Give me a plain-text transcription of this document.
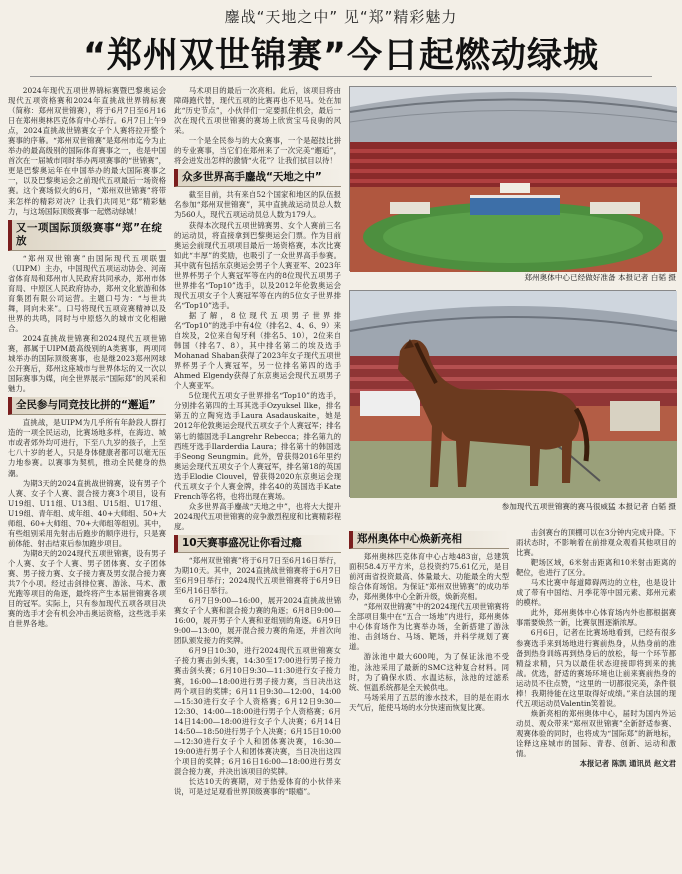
鏖战“天地之中” 见“郑”精彩魅力
“郑州双世锦赛”今日起燃动绿城

2024年现代五项世界锦标赛暨巴黎奥运会现代五项资格赛和2024年直挑战世界锦标赛（简称：郑州双世锦赛），将于6月7日至6月16日在郑州奥林匹克体育中心举行。6月7日上午9点，2024直挑战世锦赛女子个人赛将拉开整个赛事的序幕。“郑州双世锦赛”是郑州市迄今为止举办的最高级别的国际体育赛事之一，也是中国首次在一届城市同时举办两项赛事的“世锦赛”，更是巴黎奥运年在中国举办的最大国际赛事之一，以及巴黎奥运会之前现代五项最后一场资格赛。这个赛场似火的6月，“郑州双世锦赛”将带来怎样的精彩对决？让我们共同见“郑”精彩魅力，与这场国际顶级赛事一起燃动绿城！

又一项国际顶级赛事“郑”在绽放

“郑州双世锦赛”由国际现代五项联盟（UIPM）主办，中国现代五项运动协会、河南省体育局和郑州市人民政府共同承办，郑州市体育局、中原区人民政府协办，郑州文化旅游和体育集团有限公司运营。主题口号为：“与世共舞，同向未来”。口号将现代五项竞赛精神以及世界的共鸣，同时与中原悠久的城市文化相融合。

2024直挑战世锦赛和2024现代五项世锦赛，都属于UIPM最高级别的A类赛事，两项同城举办的国际顶级赛事，也是继2023郑州网球公开赛后，郑州这座城市与世界体坛的又一次以国际赛事为媒，向全世界展示“国际郑”的风采和魅力。

全民参与同竞技比拼的“邂逅”

直挑战，是UIPM为几乎所有年龄段人群打造的一项全民运动，比赛场地多样，在海边、城市或者郊外均可进行，下至八九岁的孩子，上至七八十岁的老人，只是身体健康者都可以毫无压力地参赛。以赛事为契机，推动全民健身的热潮。

为期3天的2024直挑战世锦赛，设有男子个人赛、女子个人赛、混合接力赛3个项目，设有U19组、U11组、U13组、U15组、U17组、U19组、青年组、成年组、40+大师组、50+大师组、60+大师组、70+大师组等组别。其中，有些组别采用先射击后跑步的顺序进行，只是赛前体能、射击结束后参加跑步项目。

为期8天的2024现代五项世锦赛，设有男子个人赛、女子个人赛、男子团体赛、女子团体赛、男子接力赛、女子接力赛及男女混合接力赛共7个小项。经过击剑排位赛、游泳、马术、激光跑等项目的角逐，最终将产生本届世锦赛各项目的冠军。实际上，只有参加现代五项各项目决赛的选手才会有机会冲击奥运资格，这些选手来自世界各地。

马术项目的最后一次亮相。此后，该项目将由障碍跑代替，现代五项的比赛再也不见马。处在加此“历史节点”，小伙伴们一定要抓住机会，最后一次在现代五项世锦赛的赛场上欣赏宝马良驹的风采。

一个是全民参与的大众赛事，一个是超技比拼的专业赛事，当它们在郑州来了一次完美“邂逅”，将会迸发出怎样的激情“火花”？让我们拭目以待！

众多世界高手鏖战“天地之中”

截至目前，共有来自52个国家和地区的队伍报名参加“郑州双世锦赛”，其中直挑战运动员总人数为560人，现代五项运动员总人数为179人。

获得本次现代五项世锦赛男、女个人赛前三名的运动员，将直接拿到巴黎奥运会门票。作为目前奥运会前现代五项项目最后一场资格赛，本次比赛如此“丰厚”的奖励，也吸引了一众世界高手参赛。其中就有包括东京奥运会男子个人赛亚军、2023年世界杯男子个人赛冠军等在内的8位现代五项男子世界排名“Top10”选手，以及2012年伦敦奥运会现代五项女子个人赛冠军等在内的5位女子世界排名“Top10”选手。

据了解，8位现代五项男子世界排名“Top10”的选手中有4位（排名2、4、6、9）来自埃及，2位来自匈牙利（排名5、10），2位来自韩国（排名7、8），其中排名第二的埃及选手Mohanad Shaban获得了2023年女子现代五项世界杯男子个人赛冠军，另一位排名第四的选手Ahmed Elgendy获得了东京奥运会现代五项男子个人赛亚军。

5位现代五项女子世界排名“Top10”的选手，分别排名第四的土耳其选手Ozyuksel Ilke，排名第五的立陶宛选手Laura Asadauskaite，她是2012年伦敦奥运会现代五项女子个人赛冠军；排名第七的德国选手Langrehr Rebecca；排名第九的西班牙选手Ilarderdia Laura；排名第十的韩国选手Seong Seungmin。此外，曾获得2016年里约奥运会现代五项女子个人赛冠军，排名第18的英国选手Elodie Clouvel，曾获得2020东京奥运会现代五项女子个人赛金牌，排名40的英国选手Kate French等名将，也将出现在赛场。

众多世界高手鏖战“天地之中”，也将大大提升2024现代五项世锦赛的竞争激烈程度和比赛精彩程度。

10天赛事盛况让你看过瘾

“郑州双世锦赛”将于6月7日至6月16日举行，为期10天。其中，2024直挑战世锦赛将于6月7日至6月9日举行；2024现代五项世锦赛将于6月9日至6月16日举行。

6月7日9:00—16:00，展开2024直挑战世锦赛女子个人赛和混合接力赛的角逐；6月8日9:00—16:00，展开男子个人赛和亚组别的角逐。6月9日9:00—13:00，展开混合接力赛的角逐，并首次向团队颁发接力的奖牌。

6月9日10:30，进行2024现代五项世锦赛女子接力赛击剑头赛，14:30至17:00进行男子接力赛击剑头赛；6月10日9:30—11:30进行女子接力赛，16:00—18:00进行男子接力赛，当日决出这两个项目的奖牌；6月11日9:30—12:00、14:00—15:30进行女子个人资格赛；6月12日9:30—12:30、14:00—18:00进行男子个人资格赛；6月14日14:00—18:00进行女子个人决赛；6月14日14:50—18:50进行男子个人决赛；6月15日10:00—12:30进行女子个人和团体赛决赛，16:30—19:00进行男子个人和团体赛决赛，当日决出这四个项目的奖牌；6月16日16:00—18:00进行男女混合接力赛，并决出该项目的奖牌。

长达10天的赛期，对于热爱体育的小伙伴来说，可是过足观看世界顶级赛事的“眼瘾”。

郑州奥体中心已经做好准备 本报记者 白韬 摄
参加现代五项世锦赛的赛马很威猛 本报记者 白韬 摄
郑州奥体中心焕新亮相

郑州奥林匹克体育中心占地483亩，总建筑面积58.4万平方米，总投资约75.61亿元，是目前河南省投资最高、体量最大、功能最全的大型综合体育场馆。为保证“郑州双世锦赛”的成功举办，郑州奥体中心全新升级，焕新亮相。

“郑州双世锦赛”中的2024现代五项世锦赛将全部项目集中在“五合一场地”内进行，郑州奥体中心体育场作为比赛举办场，全新搭建了游泳池、击剑场台、马场、靶场，并科学规划了赛道。

游泳池中最大600吨，为了保证泳池不受池，泳池采用了最新的SMC这种复合材料。同时，为了确保水质、水温达标，泳池的过滤系统、恒温系统都是全天候供电。

马场采用了五层的渗水技术，目的是在雨水天气后，能使马场的水分快速而恢复比赛。

击剑赛台的顶棚可以在3分钟内完成升降。下雨状态时，不影响着在前排观众观看其他项目的比赛。

靶场区域，6米射击距离和10米射击距离的靶位，也进行了区分。

马术比赛中每道障碍两边的立柱，也是设计成了带有中国结、月季花等中国元素、郑州元素的模样。

此外，郑州奥体中心体育场内外也都根据赛事需要焕然一新，比赛氛围逐渐浓厚。

6月6日，记者在比赛场地看到，已经有很多参赛选手来到场地进行赛前热身，从热身前的准备到热身训练再到热身后的放松，每一个环节都精益求精，只为以最佳状态迎接即将到来的挑战。优选，舒适的赛场环境也让前来赛前热身的运动员不住点赞，“这里的一切都很完美，条件很棒！我期待能在这里取得好成绩。”来自法国的现代五项运动员Valentin笑着说。

焕新亮相的郑州奥体中心，届时为国内外运动员、观众带来“郑州双世锦赛”全新舒适参赛、观赛体验的同时，也将成为“国际郑”的新地标，诠释这座城市的国际、青春、创新、运动和激情。

本报记者 陈凯 通讯员 赵文君
